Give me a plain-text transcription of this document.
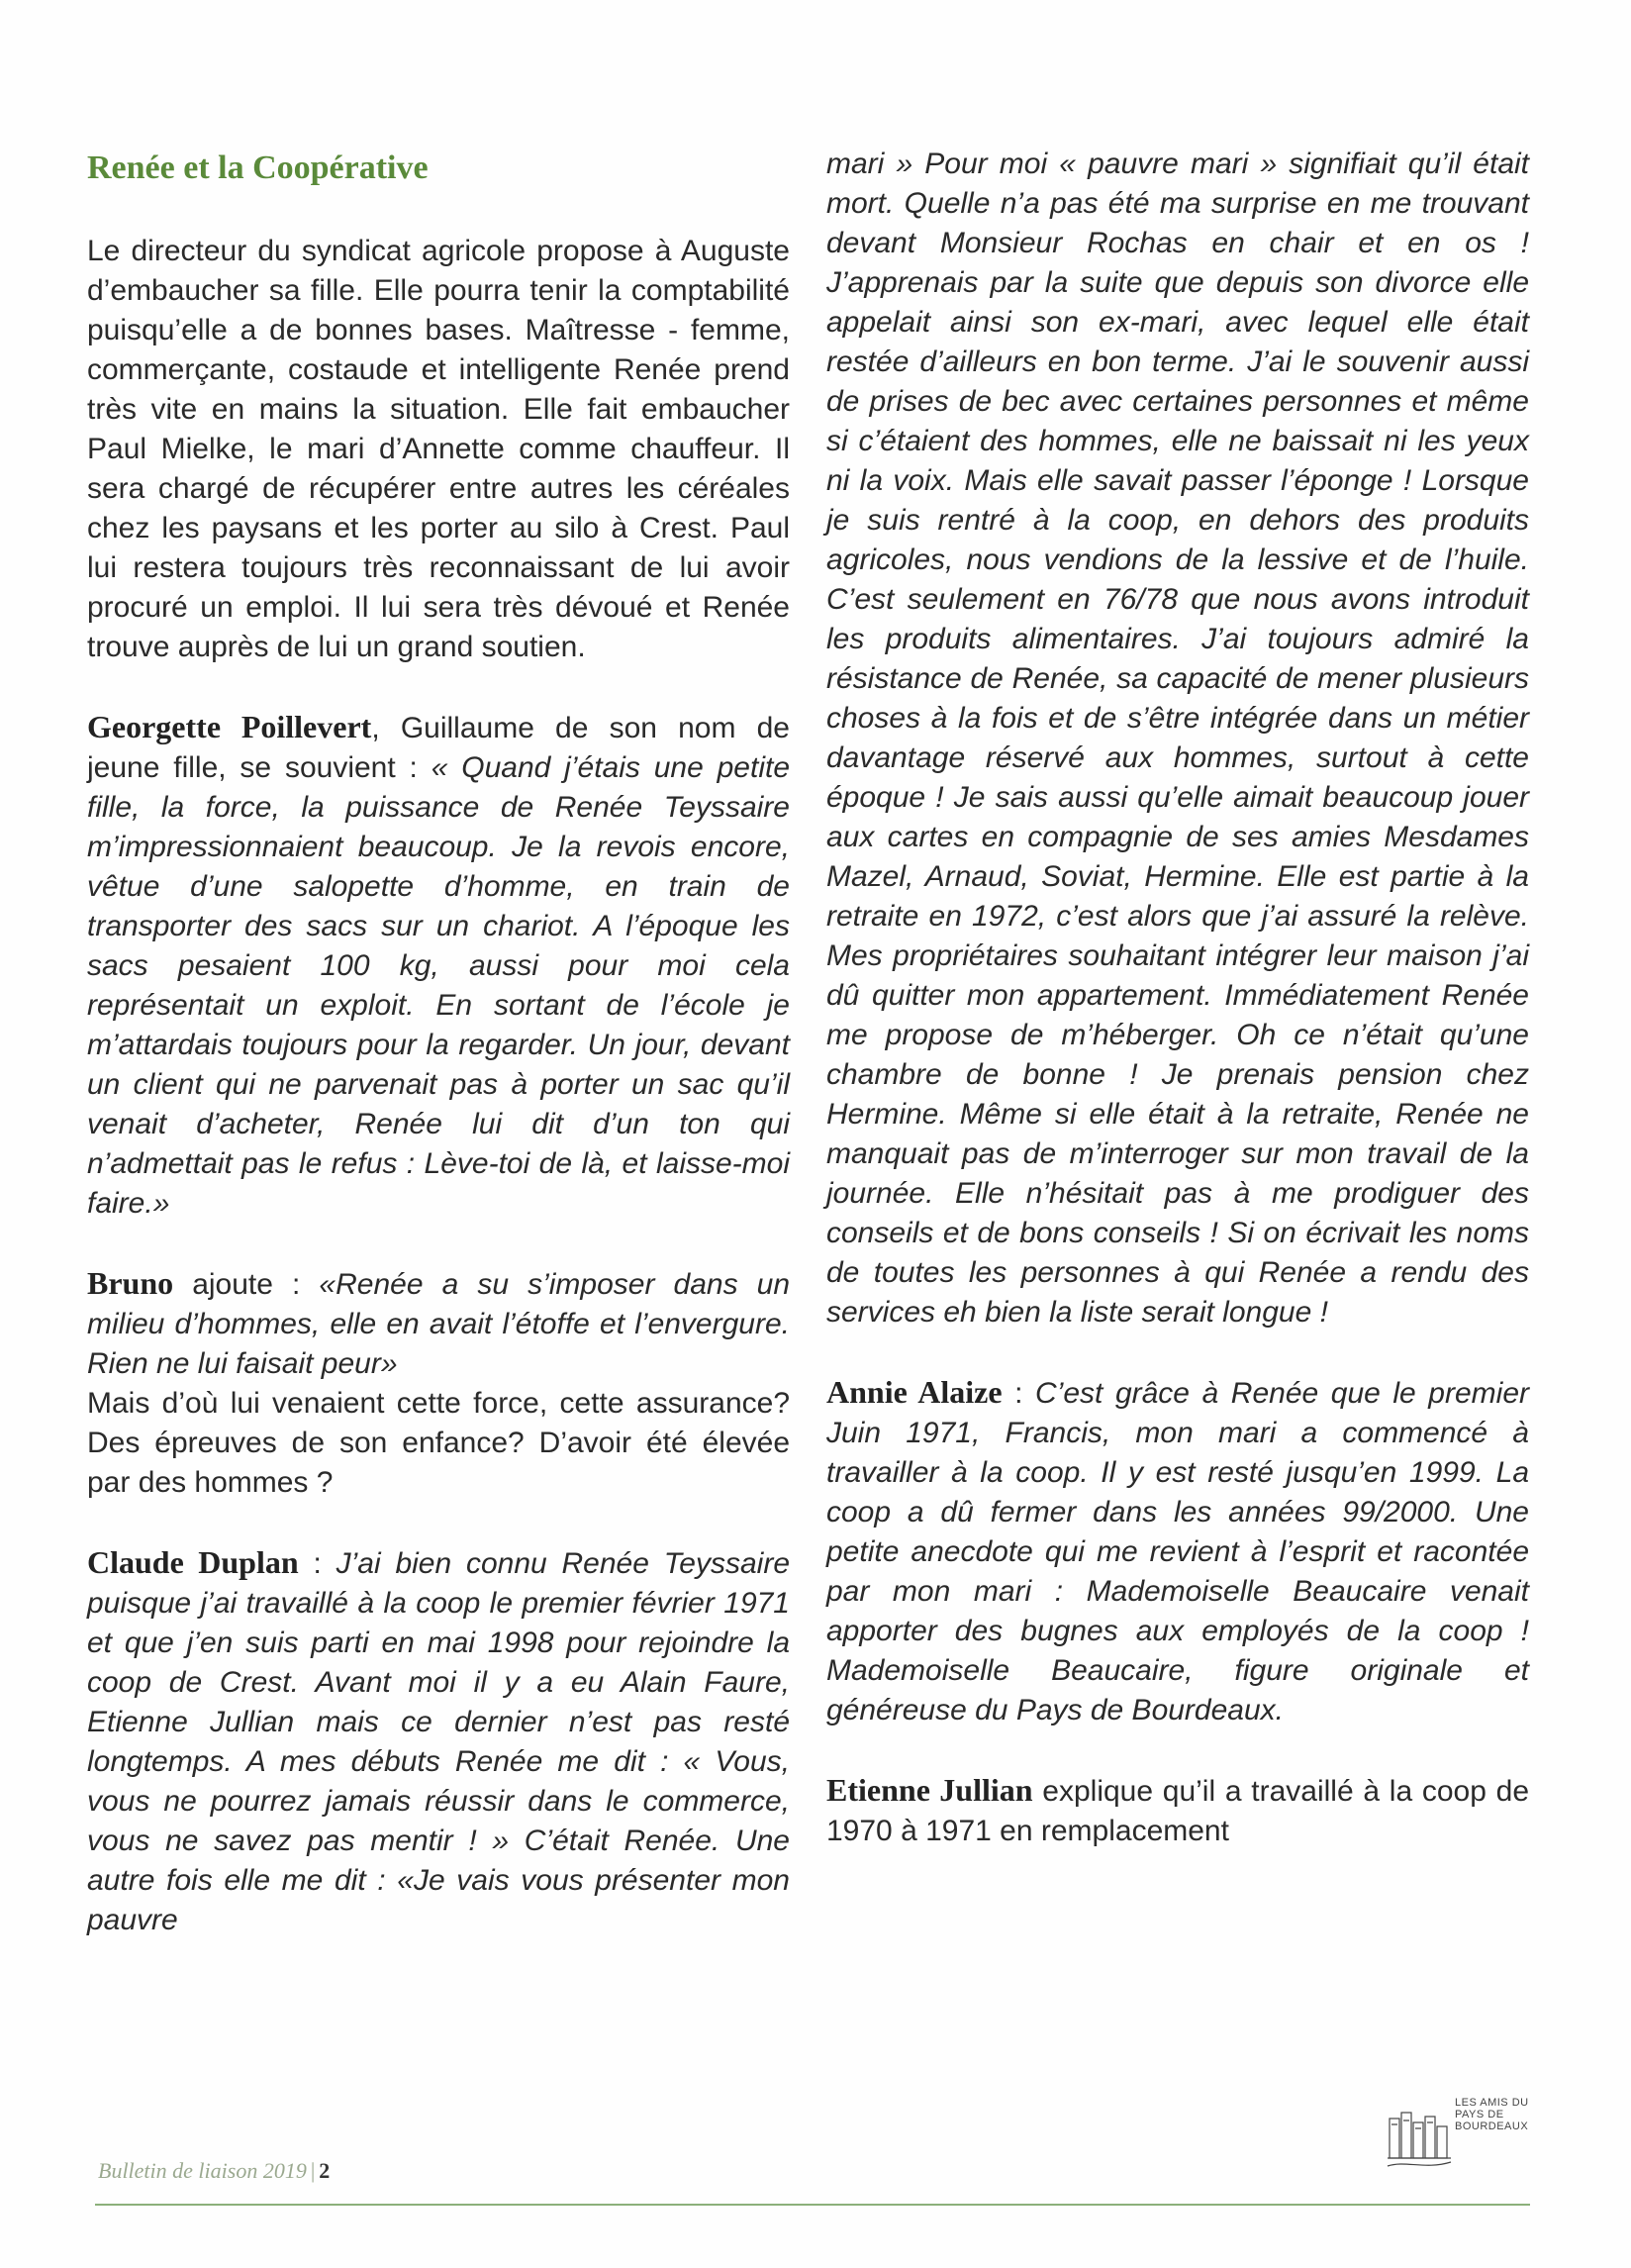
Renée et la Coopérative

Le directeur du syndicat agricole propose à Auguste d’embaucher sa fille. Elle pourra tenir la comptabilité puisqu’elle a de bonnes bases. Maîtresse - femme, commerçante, costaude et intelligente Renée prend très vite en mains la situation. Elle fait embaucher Paul Mielke, le mari d’Annette comme chauffeur. Il sera chargé de récupérer entre autres les céréales chez les paysans et les porter au silo à Crest. Paul lui restera toujours très reconnaissant de lui avoir procuré un emploi. Il lui sera très dévoué et Renée trouve auprès de lui un grand soutien.

Georgette Poillevert, Guillaume de son nom de jeune fille, se souvient : « Quand j’étais une petite fille, la force, la puissance de Renée Teyssaire m’impressionnaient beaucoup. Je la revois encore, vêtue d’une salopette d’homme, en train de transporter des sacs sur un chariot. A l’époque les sacs pesaient 100 kg, aussi pour moi cela représentait un exploit. En sortant de l’école je m’attardais toujours pour la regarder. Un jour, devant un client qui ne parvenait pas à porter un sac qu’il venait d’acheter, Renée lui dit d’un ton qui n’admettait pas le refus : Lève-toi de là, et laisse-moi faire.»

Bruno ajoute : «Renée a su s’imposer dans un milieu d’hommes, elle en avait l’étoffe et l’envergure. Rien ne lui faisait peur»

Mais d’où lui venaient cette force, cette assurance? Des épreuves de son enfance? D’avoir été élevée par des hommes ?

Claude Duplan : J’ai bien connu Renée Teyssaire puisque j’ai travaillé à la coop le premier février 1971 et que j’en suis parti en mai 1998 pour rejoindre la coop de Crest. Avant moi il y a eu Alain Faure, Etienne Jullian mais ce dernier n’est pas resté longtemps. A mes débuts Renée me dit : « Vous, vous ne pourrez jamais réussir dans le commerce, vous ne savez pas mentir ! » C’était Renée. Une autre fois elle me dit : «Je vais vous présenter mon pauvre

mari » Pour moi « pauvre mari » signifiait qu’il était mort. Quelle n’a pas été ma surprise en me trouvant devant Monsieur Rochas en chair et en os ! J’apprenais par la suite que depuis son divorce elle appelait ainsi son ex-mari, avec lequel elle était restée d’ailleurs en bon terme. J’ai le souvenir aussi de prises de bec avec certaines personnes et même si c’étaient des hommes, elle ne baissait ni les yeux ni la voix. Mais elle savait passer l’éponge ! Lorsque je suis rentré à la coop, en dehors des produits agricoles, nous vendions de la lessive et de l’huile. C’est seulement en 76/78 que nous avons introduit les produits alimentaires. J’ai toujours admiré la résistance de Renée, sa capacité de mener plusieurs choses à la fois et de s’être intégrée dans un métier davantage réservé aux hommes, surtout à cette époque ! Je sais aussi qu’elle aimait beaucoup jouer aux cartes en compagnie de ses amies Mesdames Mazel, Arnaud, Soviat, Hermine. Elle est partie à la retraite en 1972, c’est alors que j’ai assuré la relève. Mes propriétaires souhaitant intégrer leur maison j’ai dû quitter mon appartement. Immédiatement Renée me propose de m’héberger. Oh ce n’était qu’une chambre de bonne ! Je prenais pension chez Hermine. Même si elle était à la retraite, Renée ne manquait pas de m’interroger sur mon travail de la journée. Elle n’hésitait pas à me prodiguer des conseils et de bons conseils ! Si on écrivait les noms de toutes les personnes à qui Renée a rendu des services eh bien la liste serait longue !

Annie Alaize : C’est grâce à Renée que le premier Juin 1971, Francis, mon mari a commencé à travailler à la coop. Il y est resté jusqu’en 1999. La coop a dû fermer dans les années 99/2000. Une petite anecdote qui me revient à l’esprit et racontée par mon mari : Mademoiselle Beaucaire venait apporter des bugnes aux employés de la coop ! Mademoiselle Beaucaire, figure originale et généreuse du Pays de Bourdeaux.

Etienne Jullian explique qu’il a travaillé à la coop de 1970 à 1971 en remplacement

Bulletin de liaison 2019 | 2
LES AMIS DU PAYS DE BOURDEAUX
